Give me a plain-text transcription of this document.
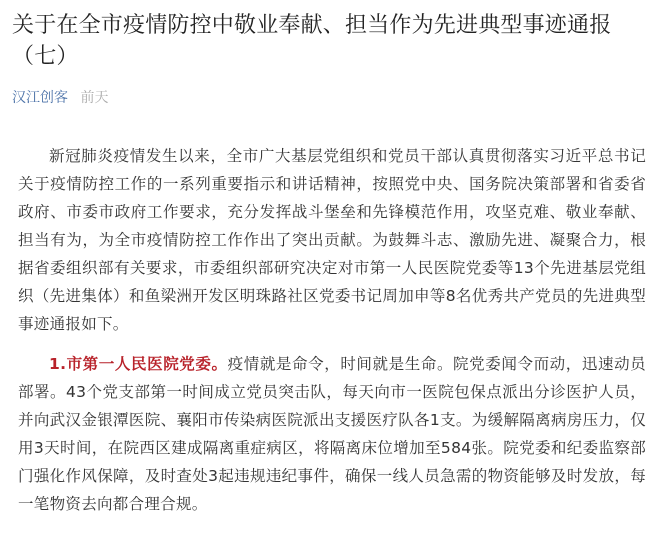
关于在全市疫情防控中敬业奉献、担当作为先进典型事迹通报（七）
汉江创客 前天

新冠肺炎疫情发生以来，全市广大基层党组织和党员干部认真贯彻落实习近平总书记关于疫情防控工作的一系列重要指示和讲话精神，按照党中央、国务院决策部署和省委省政府、市委市政府工作要求，充分发挥战斗堡垒和先锋模范作用，攻坚克难、敬业奉献、担当有为，为全市疫情防控工作作出了突出贡献。为鼓舞斗志、激励先进、凝聚合力，根据省委组织部有关要求，市委组织部研究决定对市第一人民医院党委等13个先进基层党组织（先进集体）和鱼梁洲开发区明珠路社区党委书记周加申等8名优秀共产党员的先进典型事迹通报如下。

1.市第一人民医院党委。疫情就是命令，时间就是生命。院党委闻令而动，迅速动员部署。43个党支部第一时间成立党员突击队，每天向市一医院包保点派出分诊医护人员，并向武汉金银潭医院、襄阳市传染病医院派出支援医疗队各1支。为缓解隔离病房压力，仅用3天时间，在院西区建成隔离重症病区，将隔离床位增加至584张。院党委和纪委监察部门强化作风保障，及时查处3起违规违纪事件，确保一线人员急需的物资能够及时发放，每一笔物资去向都合理合规。
